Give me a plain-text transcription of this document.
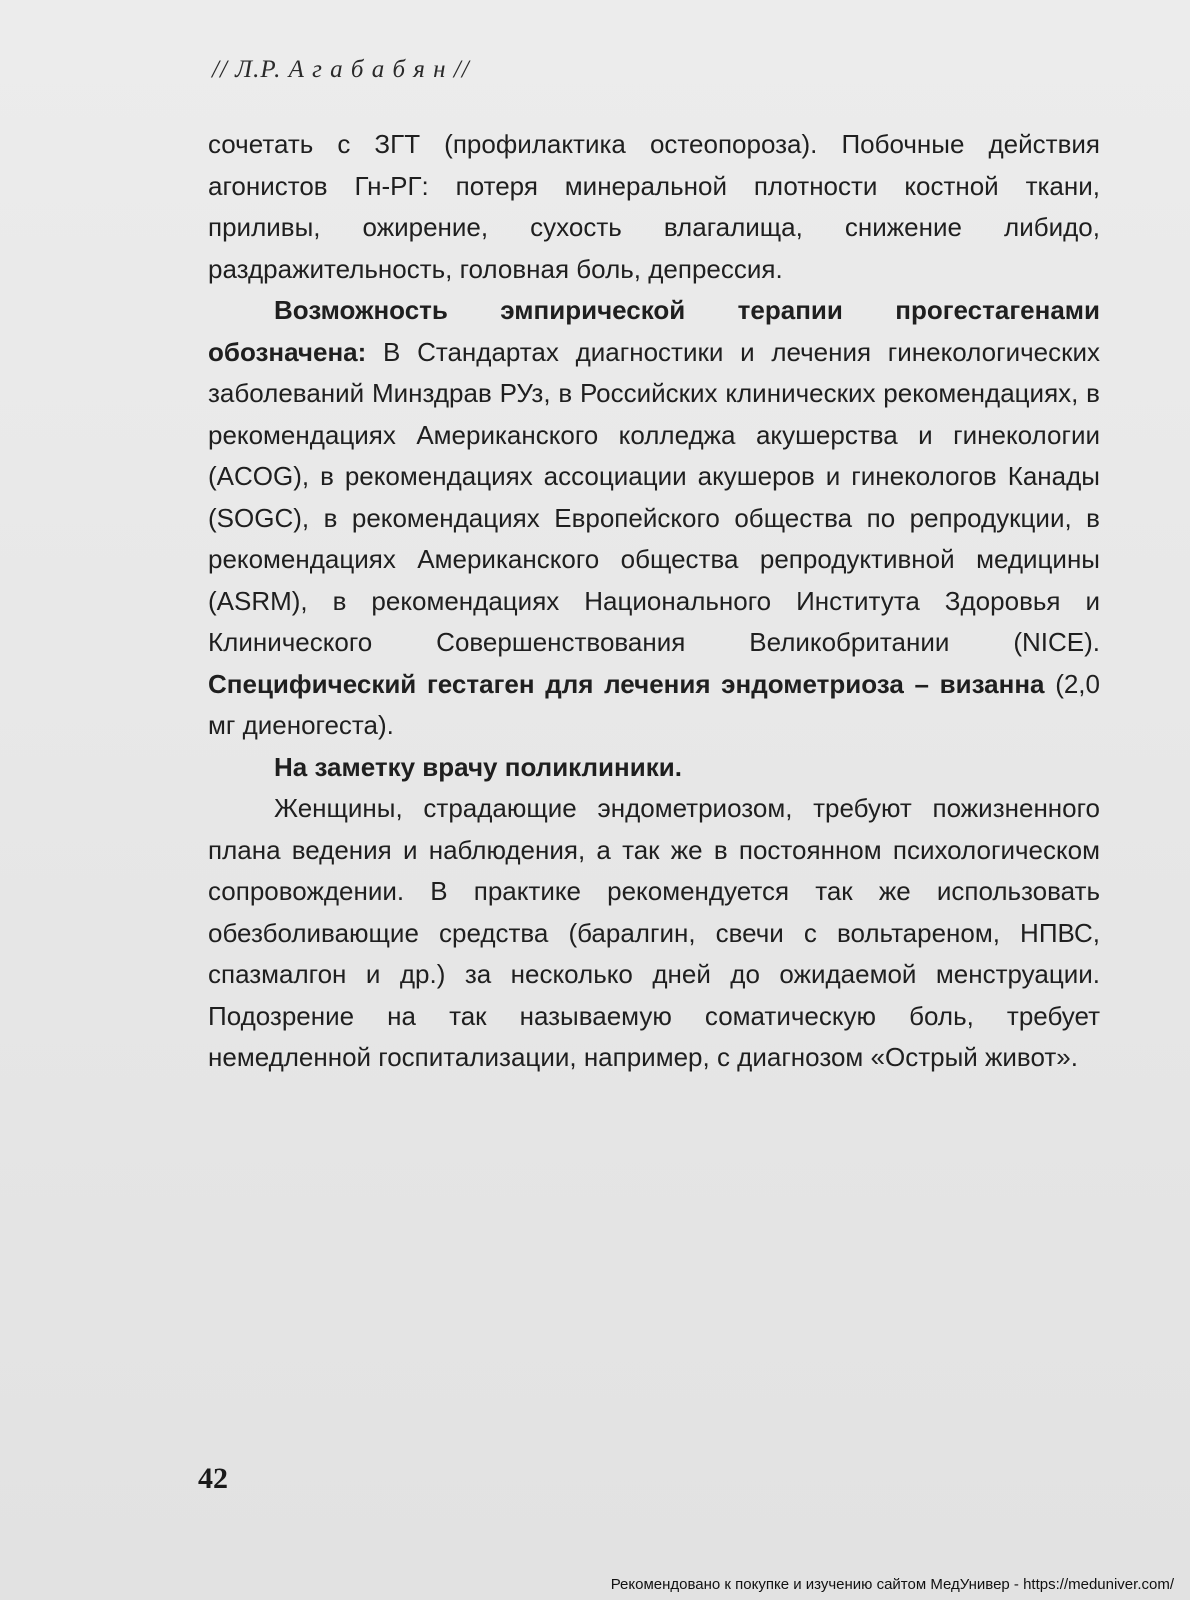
// Л.Р. А г а б а б я н //

сочетать с ЗГТ (профилактика остеопороза). Побочные действия агонистов Гн-РГ: потеря минеральной плотности костной ткани, приливы, ожирение, сухость влагалища, снижение либидо, раздражительность, головная боль, депрессия.

Возможность эмпирической терапии прогестагенами обозначена: В Стандартах диагностики и лечения гинекологических заболеваний Минздрав РУз, в Российских клинических рекомендациях, в рекомендациях Американского колледжа акушерства и гинекологии (ACOG), в рекомендациях ассоциации акушеров и гинекологов Канады (SOGC), в рекомендациях Европейского общества по репродукции, в рекомендациях Американского общества репродуктивной медицины (ASRM), в рекомендациях Национального Института Здоровья и Клинического Совершенствования Великобритании (NICE). Специфический гестаген для лечения эндометриоза – визанна (2,0 мг диеногеста).

На заметку врачу поликлиники.

Женщины, страдающие эндометриозом, требуют пожизненного плана ведения и наблюдения, а так же в постоянном психологическом сопровождении. В практике рекомендуется так же использовать обезболивающие средства (баралгин, свечи с вольтареном, НПВС, спазмалгон и др.) за несколько дней до ожидаемой менструации. Подозрение на так называемую соматическую боль, требует немедленной госпитализации, например, с диагнозом «Острый живот».

42
Рекомендовано к покупке и изучению сайтом МедУнивер - https://meduniver.com/
